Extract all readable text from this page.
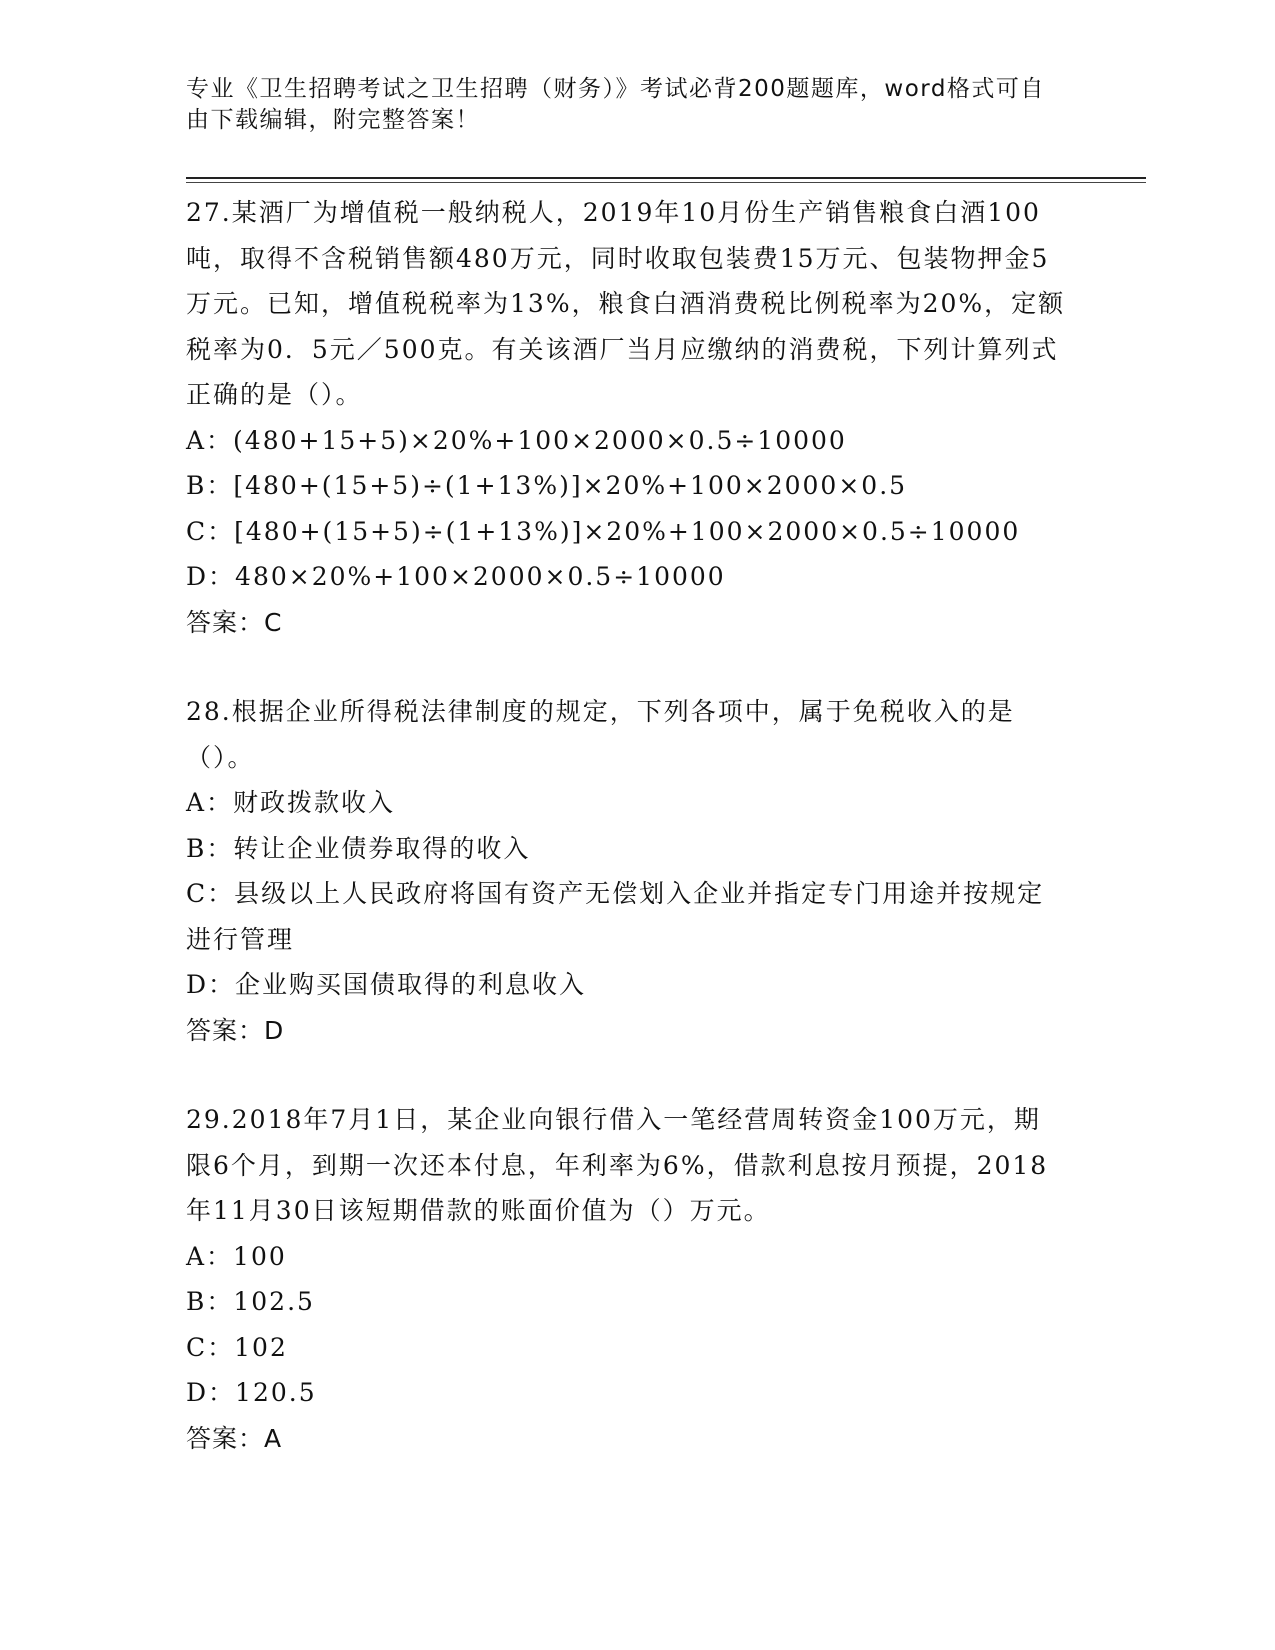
专业《卫生招聘考试之卫生招聘（财务）》考试必背200题题库，word格式可自由下载编辑，附完整答案！

27.某酒厂为增值税一般纳税人，2019年10月份生产销售粮食白酒100吨，取得不含税销售额480万元，同时收取包装费15万元、包装物押金5万元。已知，增值税税率为13%，粮食白酒消费税比例税率为20%，定额税率为0．5元／500克。有关该酒厂当月应缴纳的消费税，下列计算列式正确的是（）。

A：(480+15+5)×20%+100×2000×0.5÷10000

B：[480+(15+5)÷(1+13%)]×20%+100×2000×0.5

C：[480+(15+5)÷(1+13%)]×20%+100×2000×0.5÷10000

D：480×20%+100×2000×0.5÷10000

答案：C

28.根据企业所得税法律制度的规定，下列各项中，属于免税收入的是（）。

A：财政拨款收入

B：转让企业债券取得的收入

C：县级以上人民政府将国有资产无偿划入企业并指定专门用途并按规定进行管理

D：企业购买国债取得的利息收入

答案：D

29.2018年7月1日，某企业向银行借入一笔经营周转资金100万元，期限6个月，到期一次还本付息，年利率为6%，借款利息按月预提，2018年11月30日该短期借款的账面价值为（）万元。

A：100

B：102.5

C：102

D：120.5

答案：A
